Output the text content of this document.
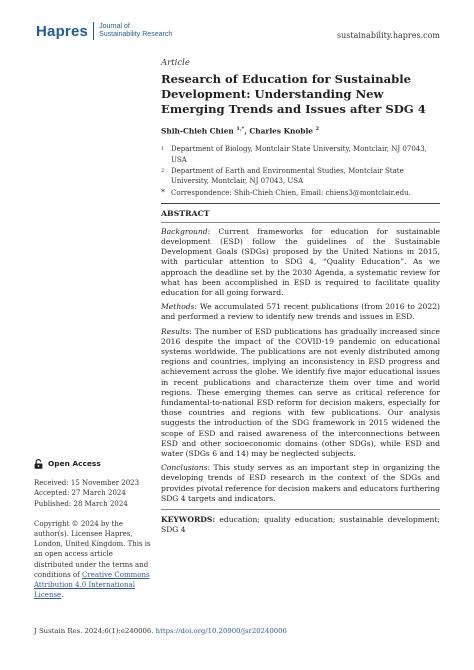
Hapres Journal of
Sustainability Research	sustainability.hapres.com
Article
Research of Education for Sustainable Development: Understanding New Emerging Trends and Issues after SDG 4
Shih-Chieh Chien $^{1,*}$, Charles Knoble $^2$
1 Department of Biology, Montclair State University, Montclair, NJ 07043, USA
2 Department of Earth and Environmental Studies, Montclair State University, Montclair, NJ 07043, USA
* Correspondence: Shih-Chieh Chien, Email: chiens3@montclair.edu.
ABSTRACT

Background: Current frameworks for education for sustainable development (ESD) follow the guidelines of the Sustainable Development Goals (SDGs) proposed by the United Nations in 2015, with particular attention to SDG 4, “Quality Education”. As we approach the deadline set by the 2030 Agenda, a systematic review for what has been accomplished in ESD is required to facilitate quality education for all going forward.

Methods: We accumulated 571 recent publications (from 2016 to 2022) and performed a review to identify new trends and issues in ESD.

Results: The number of ESD publications has gradually increased since 2016 despite the impact of the COVID-19 pandemic on educational systems worldwide. The publications are not evenly distributed among regions and countries, implying an inconsistency in ESD progress and achievement across the globe. We identify five major educational issues in recent publications and characterize them over time and world regions. These emerging themes can serve as critical reference for fundamental-to-national ESD reform for decision makers, especially for those countries and regions with few publications. Our analysis suggests the introduction of the SDG framework in 2015 widened the scope of ESD and raised awareness of the interconnections between ESD and other socioeconomic domains (other SDGs), while ESD and water (SDGs 6 and 14) may be neglected subjects.

Conclusions: This study serves as an important step in organizing the developing trends of ESD research in the context of the SDGs and provides pivotal reference for decision makers and educators furthering SDG 4 targets and indicators.

KEYWORDS: education; quality education; sustainable development; SDG 4

Open Access
Received: 15 November 2023
Accepted: 27 March 2024
Published: 28 March 2024
Copyright © 2024 by the author(s). Licensee Hapres, London, United Kingdom. This is an open access article distributed under the terms and conditions of Creative Commons Attribution 4.0 International License.
J Sustain Res. 2024;6(1):e240006. https://doi.org/10.20900/jsr20240006
